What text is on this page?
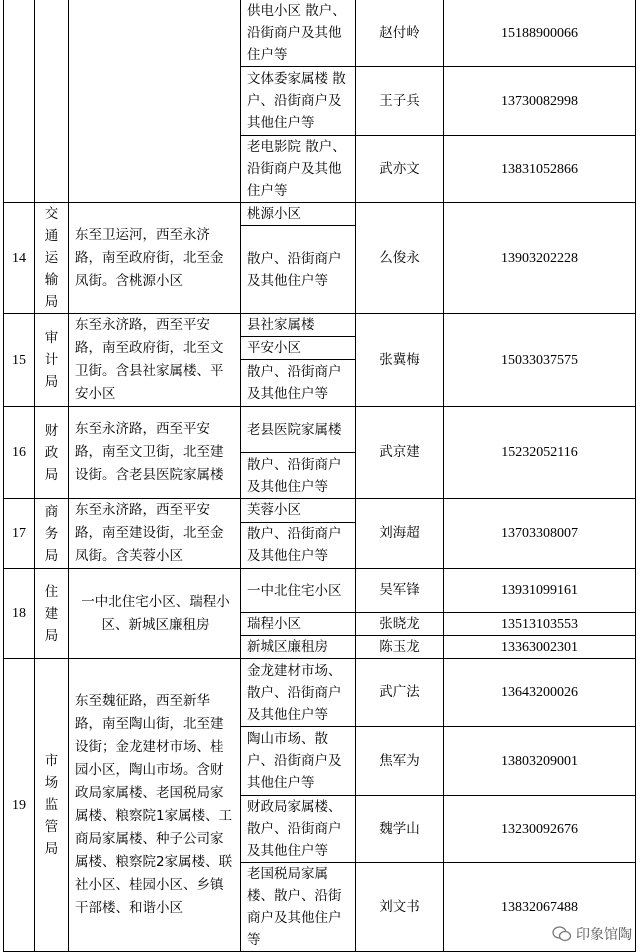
			供电小区 散户、沿街商户及其他住户等	赵付岭	15188900066
			文体委家属楼 散户、沿街商户及其他住户等	王子兵	13730082998
			老电影院 散户、沿街商户及其他住户等	武亦文	13831052866
14	交通运输局	东至卫运河，西至永济路，南至政府街，北至金凤街。含桃源小区	桃源小区	么俊永	13903202228
			散户、沿街商户及其他住户等		
15	审计局	东至永济路，西至平安路，南至政府街，北至文卫街。含县社家属楼、平安小区	县社家属楼	张冀梅	15033037575
			平安小区		
			散户、沿街商户及其他住户等		
16	财政局	东至永济路，西至平安路，南至文卫街，北至建设街。含老县医院家属楼	老县医院家属楼	武京建	15232052116
			散户、沿街商户及其他住户等		
17	商务局	东至永济路，西至平安路，南至建设街，北至金凤街。含芙蓉小区	芙蓉小区	刘海超	13703308007
			散户、沿街商户及其他住户等		
18	住建局	一中北住宅小区、瑞程小区、新城区廉租房	一中北住宅小区	吴军锋	13931099161
			瑞程小区	张晓龙	13513103553
			新城区廉租房	陈玉龙	13363002301
19	市场监管局	东至魏征路，西至新华路，南至陶山街，北至建设街；金龙建材市场、桂园小区，陶山市场。含财政局家属楼、老国税局家属楼、粮察院1家属楼、工商局家属楼、种子公司家属楼、粮察院2家属楼、联社小区、桂园小区、乡镇干部楼、和谐小区	金龙建材市场、散户、沿街商户及其他住户等	武广法	13643200026
			陶山市场、散户、沿街商户及其他住户等	焦军为	13803209001
			财政局家属楼、散户、沿街商户及其他住户等	魏学山	13230092676
			老国税局家属楼、散户、沿街商户及其他住户等	刘文书	13832067488
印象馆陶
